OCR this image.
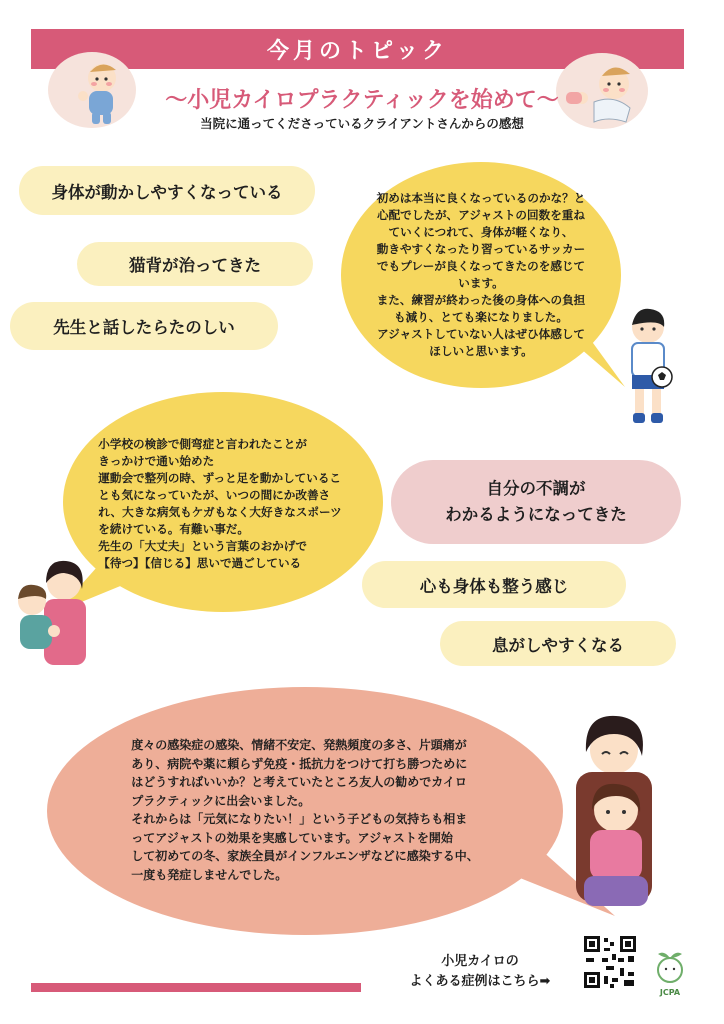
今月のトピック
～小児カイロプラクティックを始めて～
当院に通ってくださっているクライアントさんからの感想
身体が動かしやすくなっている
猫背が治ってきた
先生と話したらたのしい
初めは本当に良くなっているのかな？と
心配でしたが、アジャストの回数を重ね
ていくにつれて、身体が軽くなり、
動きやすくなったり習っているサッカー
でもプレーが良くなってきたのを感じて
います。
また、練習が終わった後の身体への負担
も減り、とても楽になりました。
アジャストしていない人はぜひ体感して
ほしいと思います。
小学校の検診で側弯症と言われたことが
きっかけで通い始めた
運動会で整列の時、ずっと足を動かしているこ
とも気になっていたが、いつの間にか改善さ
れ、大きな病気もケガもなく大好きなスポーツ
を続けている。有難い事だ。
先生の「大丈夫」という言葉のおかげで
【待つ】【信じる】思いで過ごしている
自分の不調が
わかるようになってきた
心も身体も整う感じ
息がしやすくなる
度々の感染症の感染、情緒不安定、発熱頻度の多さ、片頭痛が
あり、病院や薬に頼らず免疫・抵抗力をつけて打ち勝つために
はどうすればいいか？と考えていたところ友人の勧めでカイロ
プラクティックに出会いました。
それからは「元気になりたい！」という子どもの気持ちも相ま
ってアジャストの効果を実感しています。アジャストを開始
して初めての冬、家族全員がインフルエンザなどに感染する中、
一度も発症しませんでした。
小児カイロの
よくある症例はこちら➡
JCPA
